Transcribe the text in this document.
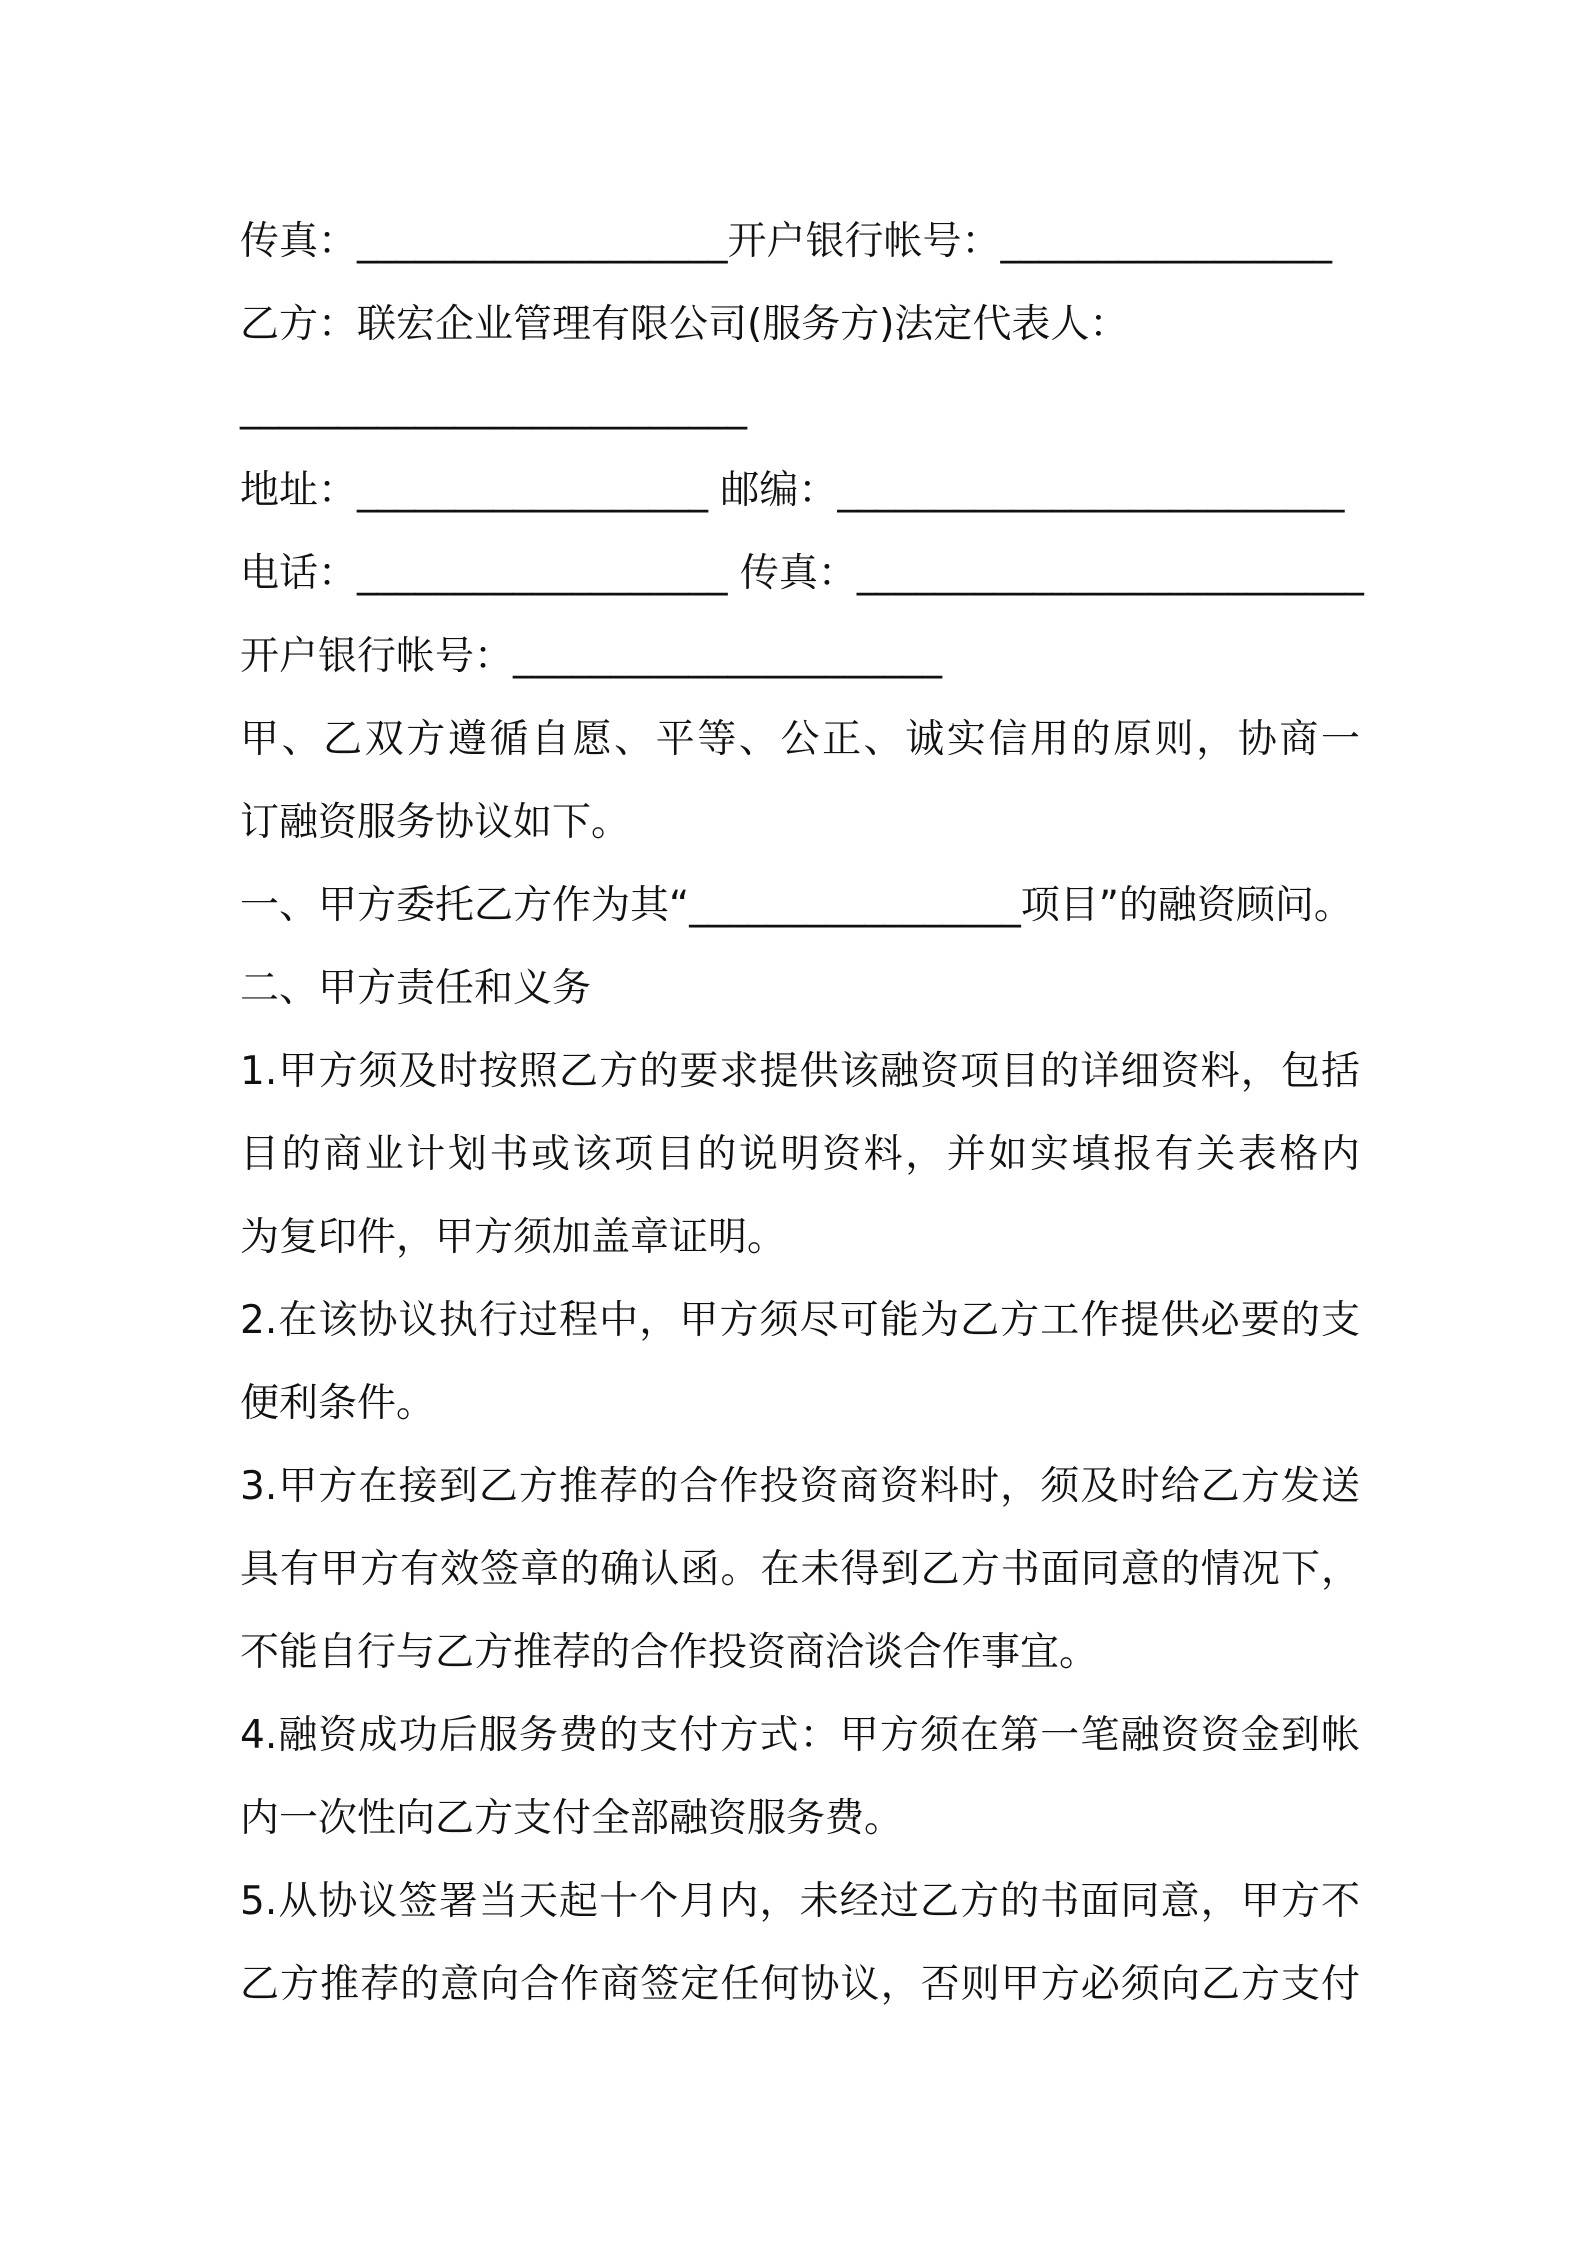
传真：___________________开户银行帐号：_________________
乙方：联宏企业管理有限公司(服务方)法定代表人：
__________________________
地址：__________________ 邮编：__________________________
电话：___________________ 传真：__________________________
开户银行帐号：______________________
甲、乙双方遵循自愿、平等、公正、诚实信用的原则，协商一
订融资服务协议如下。
一、甲方委托乙方作为其“_________________项目”的融资顾问。
二、甲方责任和义务
1.甲方须及时按照乙方的要求提供该融资项目的详细资料，包括
目的商业计划书或该项目的说明资料，并如实填报有关表格内
为复印件，甲方须加盖章证明。
2.在该协议执行过程中，甲方须尽可能为乙方工作提供必要的支
便利条件。
3.甲方在接到乙方推荐的合作投资商资料时，须及时给乙方发送
具有甲方有效签章的确认函。在未得到乙方书面同意的情况下，
不能自行与乙方推荐的合作投资商洽谈合作事宜。
4.融资成功后服务费的支付方式：甲方须在第一笔融资资金到帐
内一次性向乙方支付全部融资服务费。
5.从协议签署当天起十个月内，未经过乙方的书面同意，甲方不
乙方推荐的意向合作商签定任何协议，否则甲方必须向乙方支付
